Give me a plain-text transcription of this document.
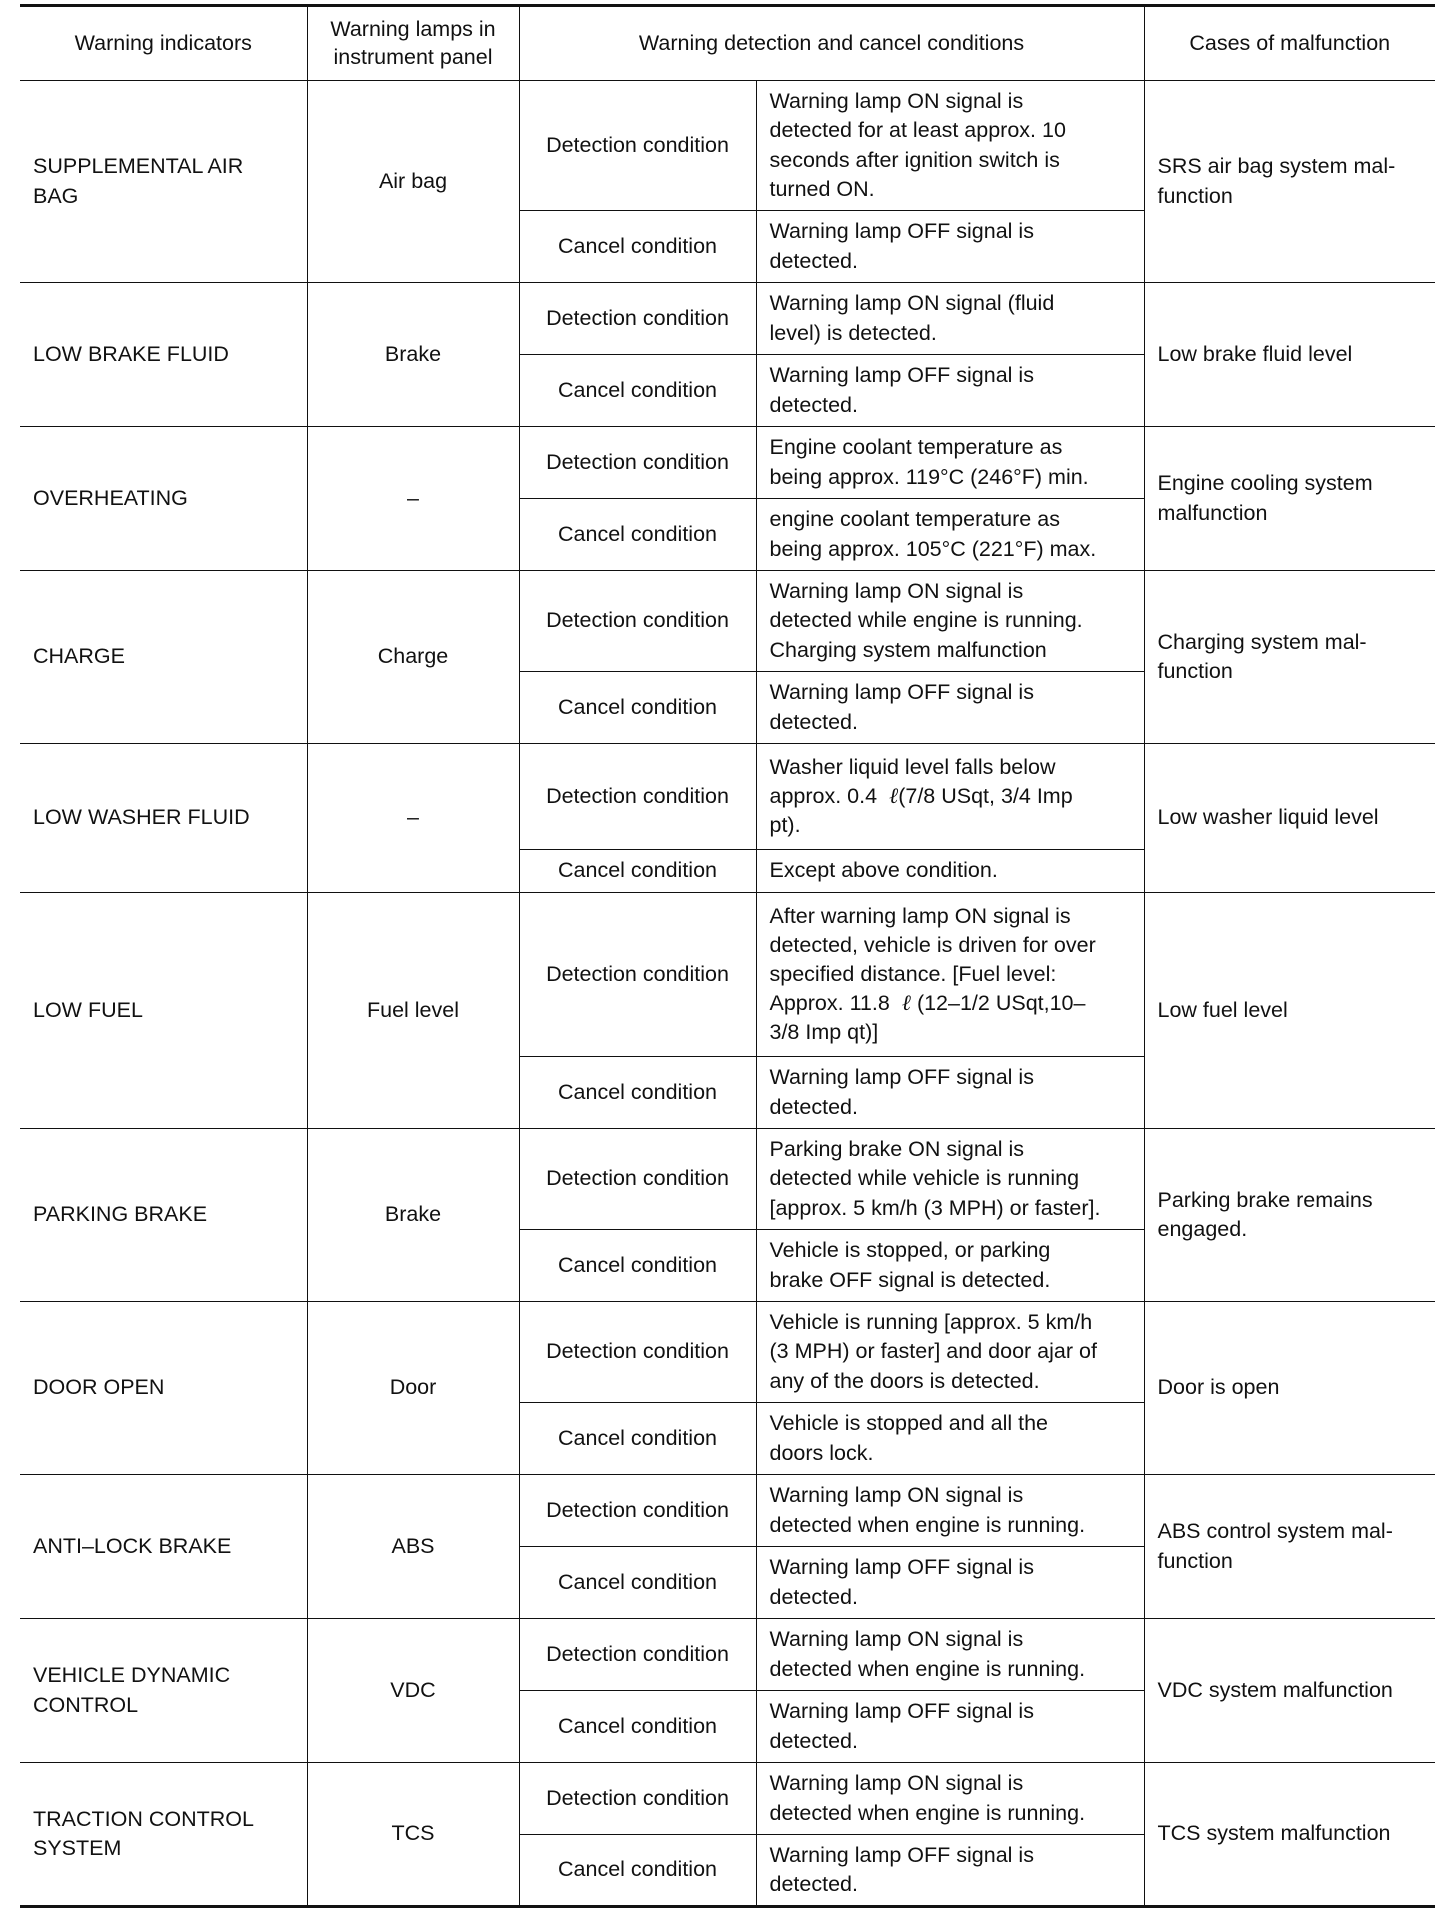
Warning indicators	Warning lamps in
instrument panel	Warning detection and cancel conditions		Cases of malfunction
SUPPLEMENTAL AIR
BAG	Air bag	Detection condition	Warning lamp ON signal is
detected for at least approx. 10
seconds after ignition switch is
turned ON.	SRS air bag system mal-
function
		Cancel condition	Warning lamp OFF signal is
detected.	
LOW BRAKE FLUID	Brake	Detection condition	Warning lamp ON signal (fluid
level) is detected.	Low brake fluid level
		Cancel condition	Warning lamp OFF signal is
detected.	
OVERHEATING	–	Detection condition	Engine coolant temperature as
being approx. 119°C (246°F) min.	Engine cooling system
malfunction
		Cancel condition	engine coolant temperature as
being approx. 105°C (221°F) max.	
CHARGE	Charge	Detection condition	Warning lamp ON signal is
detected while engine is running.
Charging system malfunction	Charging system mal-
function
		Cancel condition	Warning lamp OFF signal is
detected.	
LOW WASHER FLUID	–	Detection condition	Washer liquid level falls below
approx. 0.4 ℓ(7/8 USqt, 3/4 Imp
pt).	Low washer liquid level
		Cancel condition	Except above condition.	
LOW FUEL	Fuel level	Detection condition	After warning lamp ON signal is
detected, vehicle is driven for over
specified distance. [Fuel level:
Approx. 11.8 ℓ (12–1/2 USqt,10–
3/8 Imp qt)]	Low fuel level
		Cancel condition	Warning lamp OFF signal is
detected.	
PARKING BRAKE	Brake	Detection condition	Parking brake ON signal is
detected while vehicle is running
[approx. 5 km/h (3 MPH) or faster].	Parking brake remains
engaged.
		Cancel condition	Vehicle is stopped, or parking
brake OFF signal is detected.	
DOOR OPEN	Door	Detection condition	Vehicle is running [approx. 5 km/h
(3 MPH) or faster] and door ajar of
any of the doors is detected.	Door is open
		Cancel condition	Vehicle is stopped and all the
doors lock.	
ANTI–LOCK BRAKE	ABS	Detection condition	Warning lamp ON signal is
detected when engine is running.	ABS control system mal-
function
		Cancel condition	Warning lamp OFF signal is
detected.	
VEHICLE DYNAMIC
CONTROL	VDC	Detection condition	Warning lamp ON signal is
detected when engine is running.	VDC system malfunction
		Cancel condition	Warning lamp OFF signal is
detected.	
TRACTION CONTROL
SYSTEM	TCS	Detection condition	Warning lamp ON signal is
detected when engine is running.	TCS system malfunction
		Cancel condition	Warning lamp OFF signal is
detected.	
